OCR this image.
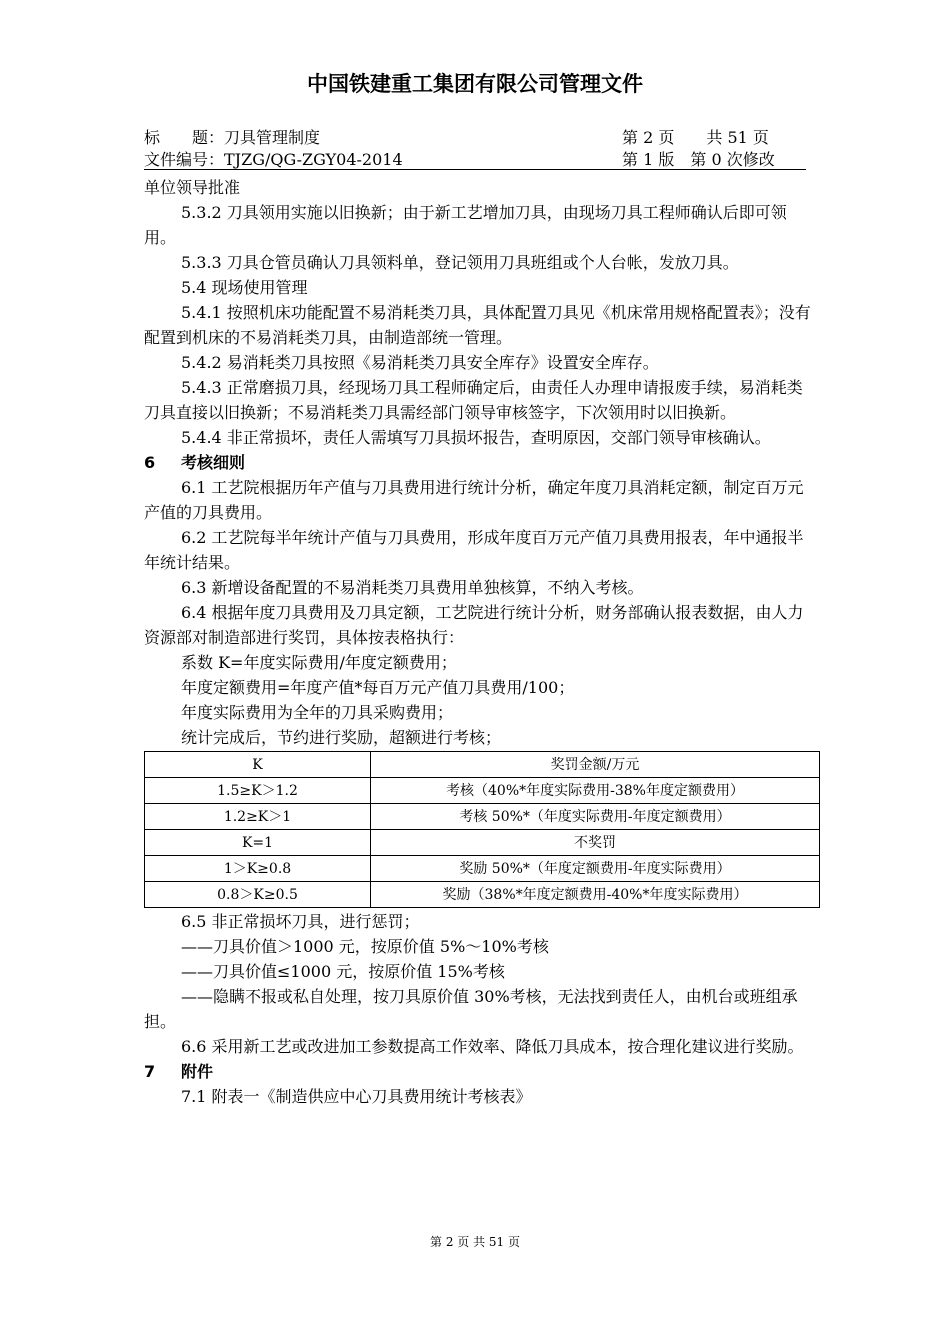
中国铁建重工集团有限公司管理文件
标　　题：刀具管理制度	第 2 页　　共 51 页
文件编号：TJZG/QG-ZGY04-2014	第 1 版　第 0 次修改

单位领导批准

5.3.2 刀具领用实施以旧换新；由于新工艺增加刀具，由现场刀具工程师确认后即可领用。

5.3.3 刀具仓管员确认刀具领料单，登记领用刀具班组或个人台帐，发放刀具。

5.4 现场使用管理

5.4.1 按照机床功能配置不易消耗类刀具，具体配置刀具见《机床常用规格配置表》；没有配置到机床的不易消耗类刀具，由制造部统一管理。

5.4.2 易消耗类刀具按照《易消耗类刀具安全库存》设置安全库存。

5.4.3 正常磨损刀具，经现场刀具工程师确定后，由责任人办理申请报废手续，易消耗类刀具直接以旧换新；不易消耗类刀具需经部门领导审核签字，下次领用时以旧换新。

5.4.4 非正常损坏，责任人需填写刀具损坏报告，查明原因，交部门领导审核确认。

6 考核细则

6.1 工艺院根据历年产值与刀具费用进行统计分析，确定年度刀具消耗定额，制定百万元产值的刀具费用。

6.2 工艺院每半年统计产值与刀具费用，形成年度百万元产值刀具费用报表，年中通报半年统计结果。

6.3 新增设备配置的不易消耗类刀具费用单独核算，不纳入考核。

6.4 根据年度刀具费用及刀具定额，工艺院进行统计分析，财务部确认报表数据，由人力资源部对制造部进行奖罚，具体按表格执行：

系数 K=年度实际费用/年度定额费用；

年度定额费用=年度产值*每百万元产值刀具费用/100；

年度实际费用为全年的刀具采购费用；

统计完成后，节约进行奖励，超额进行考核；

K	奖罚金额/万元
1.5≥K＞1.2	考核（40%*年度实际费用-38%年度定额费用）
1.2≥K＞1	考核 50%*（年度实际费用-年度定额费用）
K=1	不奖罚
1＞K≥0.8	奖励 50%*（年度定额费用-年度实际费用）
0.8＞K≥0.5	奖励（38%*年度定额费用-40%*年度实际费用）

6.5 非正常损坏刀具，进行惩罚；

——刀具价值＞1000 元，按原价值 5%～10%考核

——刀具价值≤1000 元，按原价值 15%考核

——隐瞒不报或私自处理，按刀具原价值 30%考核，无法找到责任人，由机台或班组承担。

6.6 采用新工艺或改进加工参数提高工作效率、降低刀具成本，按合理化建议进行奖励。

7 附件

7.1 附表一《制造供应中心刀具费用统计考核表》

第 2 页 共 51 页
